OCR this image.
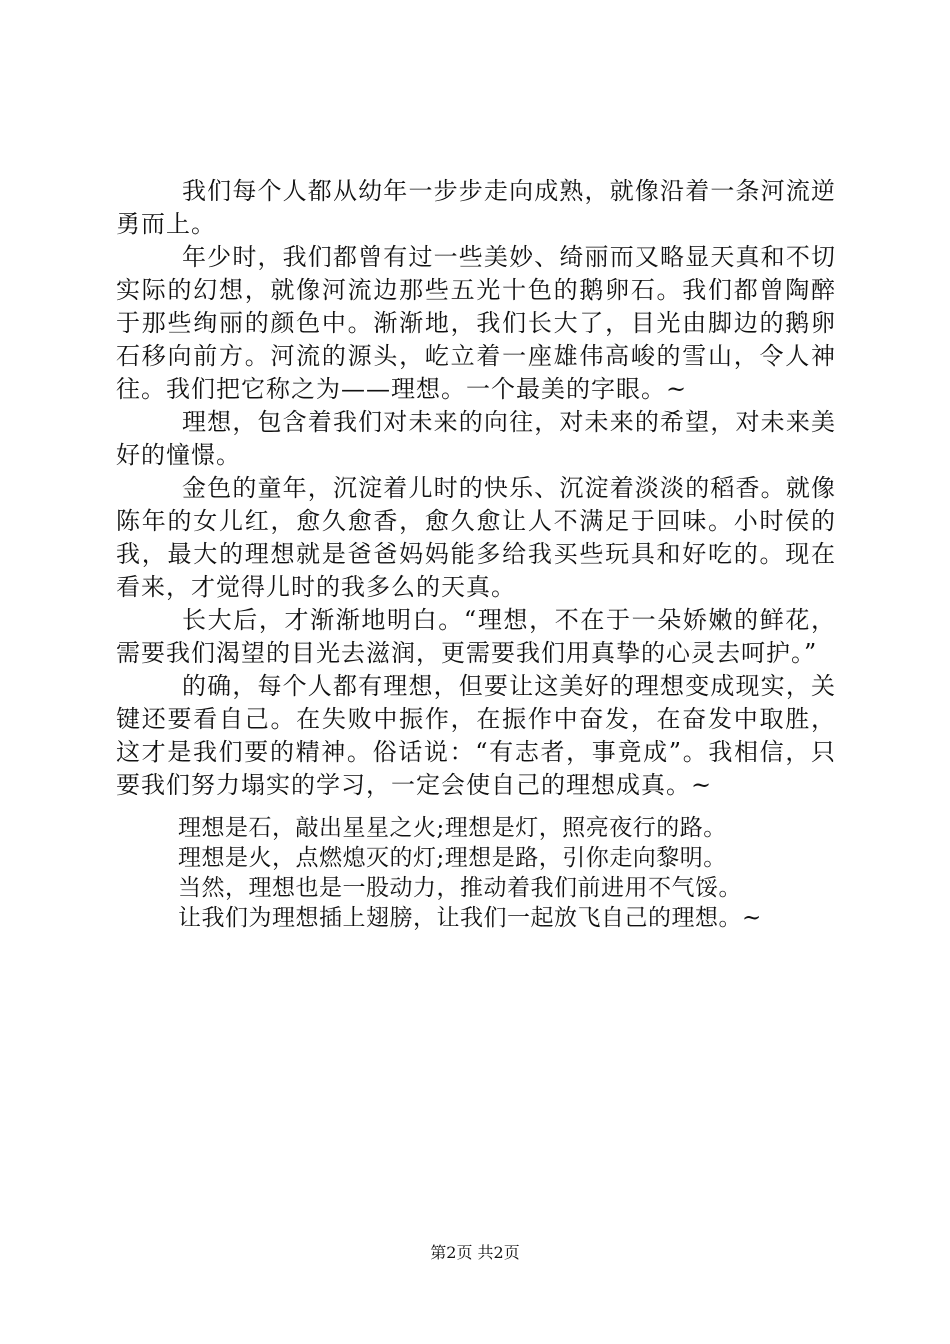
我们每个人都从幼年一步步走向成熟，就像沿着一条河流逆勇而上。

年少时，我们都曾有过一些美妙、绮丽而又略显天真和不切实际的幻想，就像河流边那些五光十色的鹅卵石。我们都曾陶醉于那些绚丽的颜色中。渐渐地，我们长大了，目光由脚边的鹅卵石移向前方。河流的源头，屹立着一座雄伟高峻的雪山，令人神往。我们把它称之为——理想。一个最美的字眼。~

理想，包含着我们对未来的向往，对未来的希望，对未来美好的憧憬。

金色的童年，沉淀着儿时的快乐、沉淀着淡淡的稻香。就像陈年的女儿红，愈久愈香，愈久愈让人不满足于回味。小时侯的我，最大的理想就是爸爸妈妈能多给我买些玩具和好吃的。现在看来，才觉得儿时的我多么的天真。

长大后，才渐渐地明白。“理想，不在于一朵娇嫩的鲜花，需要我们渴望的目光去滋润，更需要我们用真挚的心灵去呵护。”

的确，每个人都有理想，但要让这美好的理想变成现实，关键还要看自己。在失败中振作，在振作中奋发，在奋发中取胜，这才是我们要的精神。俗话说：“有志者，事竟成”。我相信，只要我们努力塌实的学习，一定会使自己的理想成真。~

理想是石，敲出星星之火;理想是灯，照亮夜行的路。
理想是火，点燃熄灭的灯;理想是路，引你走向黎明。
当然，理想也是一股动力，推动着我们前进用不气馁。
让我们为理想插上翅膀，让我们一起放飞自己的理想。~
第2页 共2页
